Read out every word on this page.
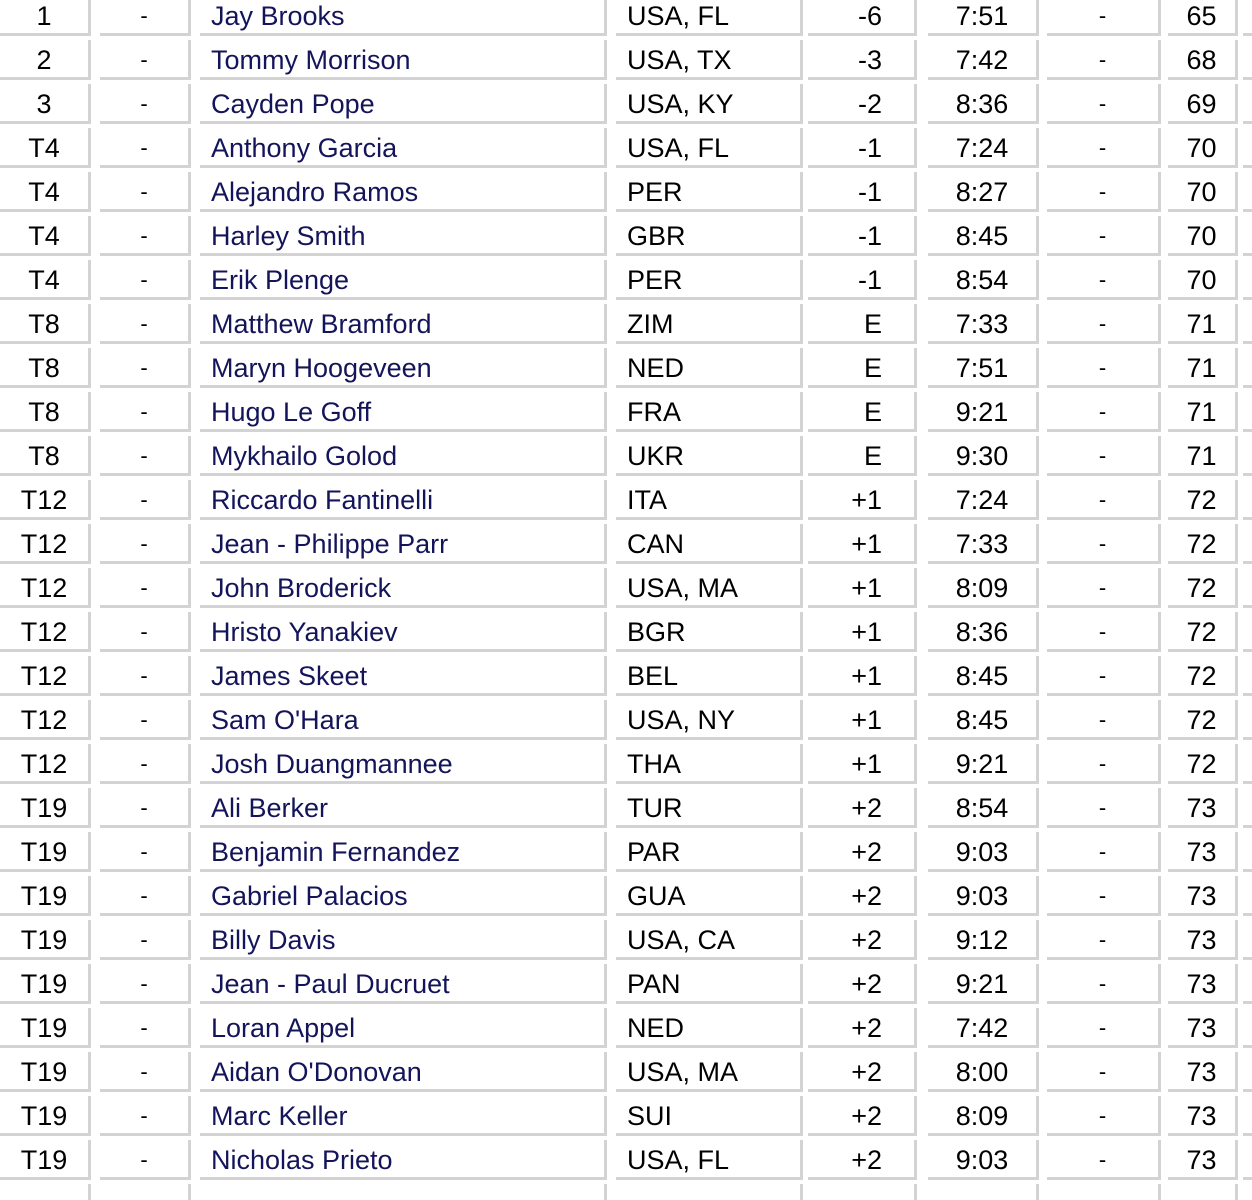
1	-	Jay Brooks	USA, FL	-6	7:51	-	65
2	-	Tommy Morrison	USA, TX	-3	7:42	-	68
3	-	Cayden Pope	USA, KY	-2	8:36	-	69
T4	-	Anthony Garcia	USA, FL	-1	7:24	-	70
T4	-	Alejandro Ramos	PER	-1	8:27	-	70
T4	-	Harley Smith	GBR	-1	8:45	-	70
T4	-	Erik Plenge	PER	-1	8:54	-	70
T8	-	Matthew Bramford	ZIM	E	7:33	-	71
T8	-	Maryn Hoogeveen	NED	E	7:51	-	71
T8	-	Hugo Le Goff	FRA	E	9:21	-	71
T8	-	Mykhailo Golod	UKR	E	9:30	-	71
T12	-	Riccardo Fantinelli	ITA	+1	7:24	-	72
T12	-	Jean - Philippe Parr	CAN	+1	7:33	-	72
T12	-	John Broderick	USA, MA	+1	8:09	-	72
T12	-	Hristo Yanakiev	BGR	+1	8:36	-	72
T12	-	James Skeet	BEL	+1	8:45	-	72
T12	-	Sam O'Hara	USA, NY	+1	8:45	-	72
T12	-	Josh Duangmannee	THA	+1	9:21	-	72
T19	-	Ali Berker	TUR	+2	8:54	-	73
T19	-	Benjamin Fernandez	PAR	+2	9:03	-	73
T19	-	Gabriel Palacios	GUA	+2	9:03	-	73
T19	-	Billy Davis	USA, CA	+2	9:12	-	73
T19	-	Jean - Paul Ducruet	PAN	+2	9:21	-	73
T19	-	Loran Appel	NED	+2	7:42	-	73
T19	-	Aidan O'Donovan	USA, MA	+2	8:00	-	73
T19	-	Marc Keller	SUI	+2	8:09	-	73
T19	-	Nicholas Prieto	USA, FL	+2	9:03	-	73
